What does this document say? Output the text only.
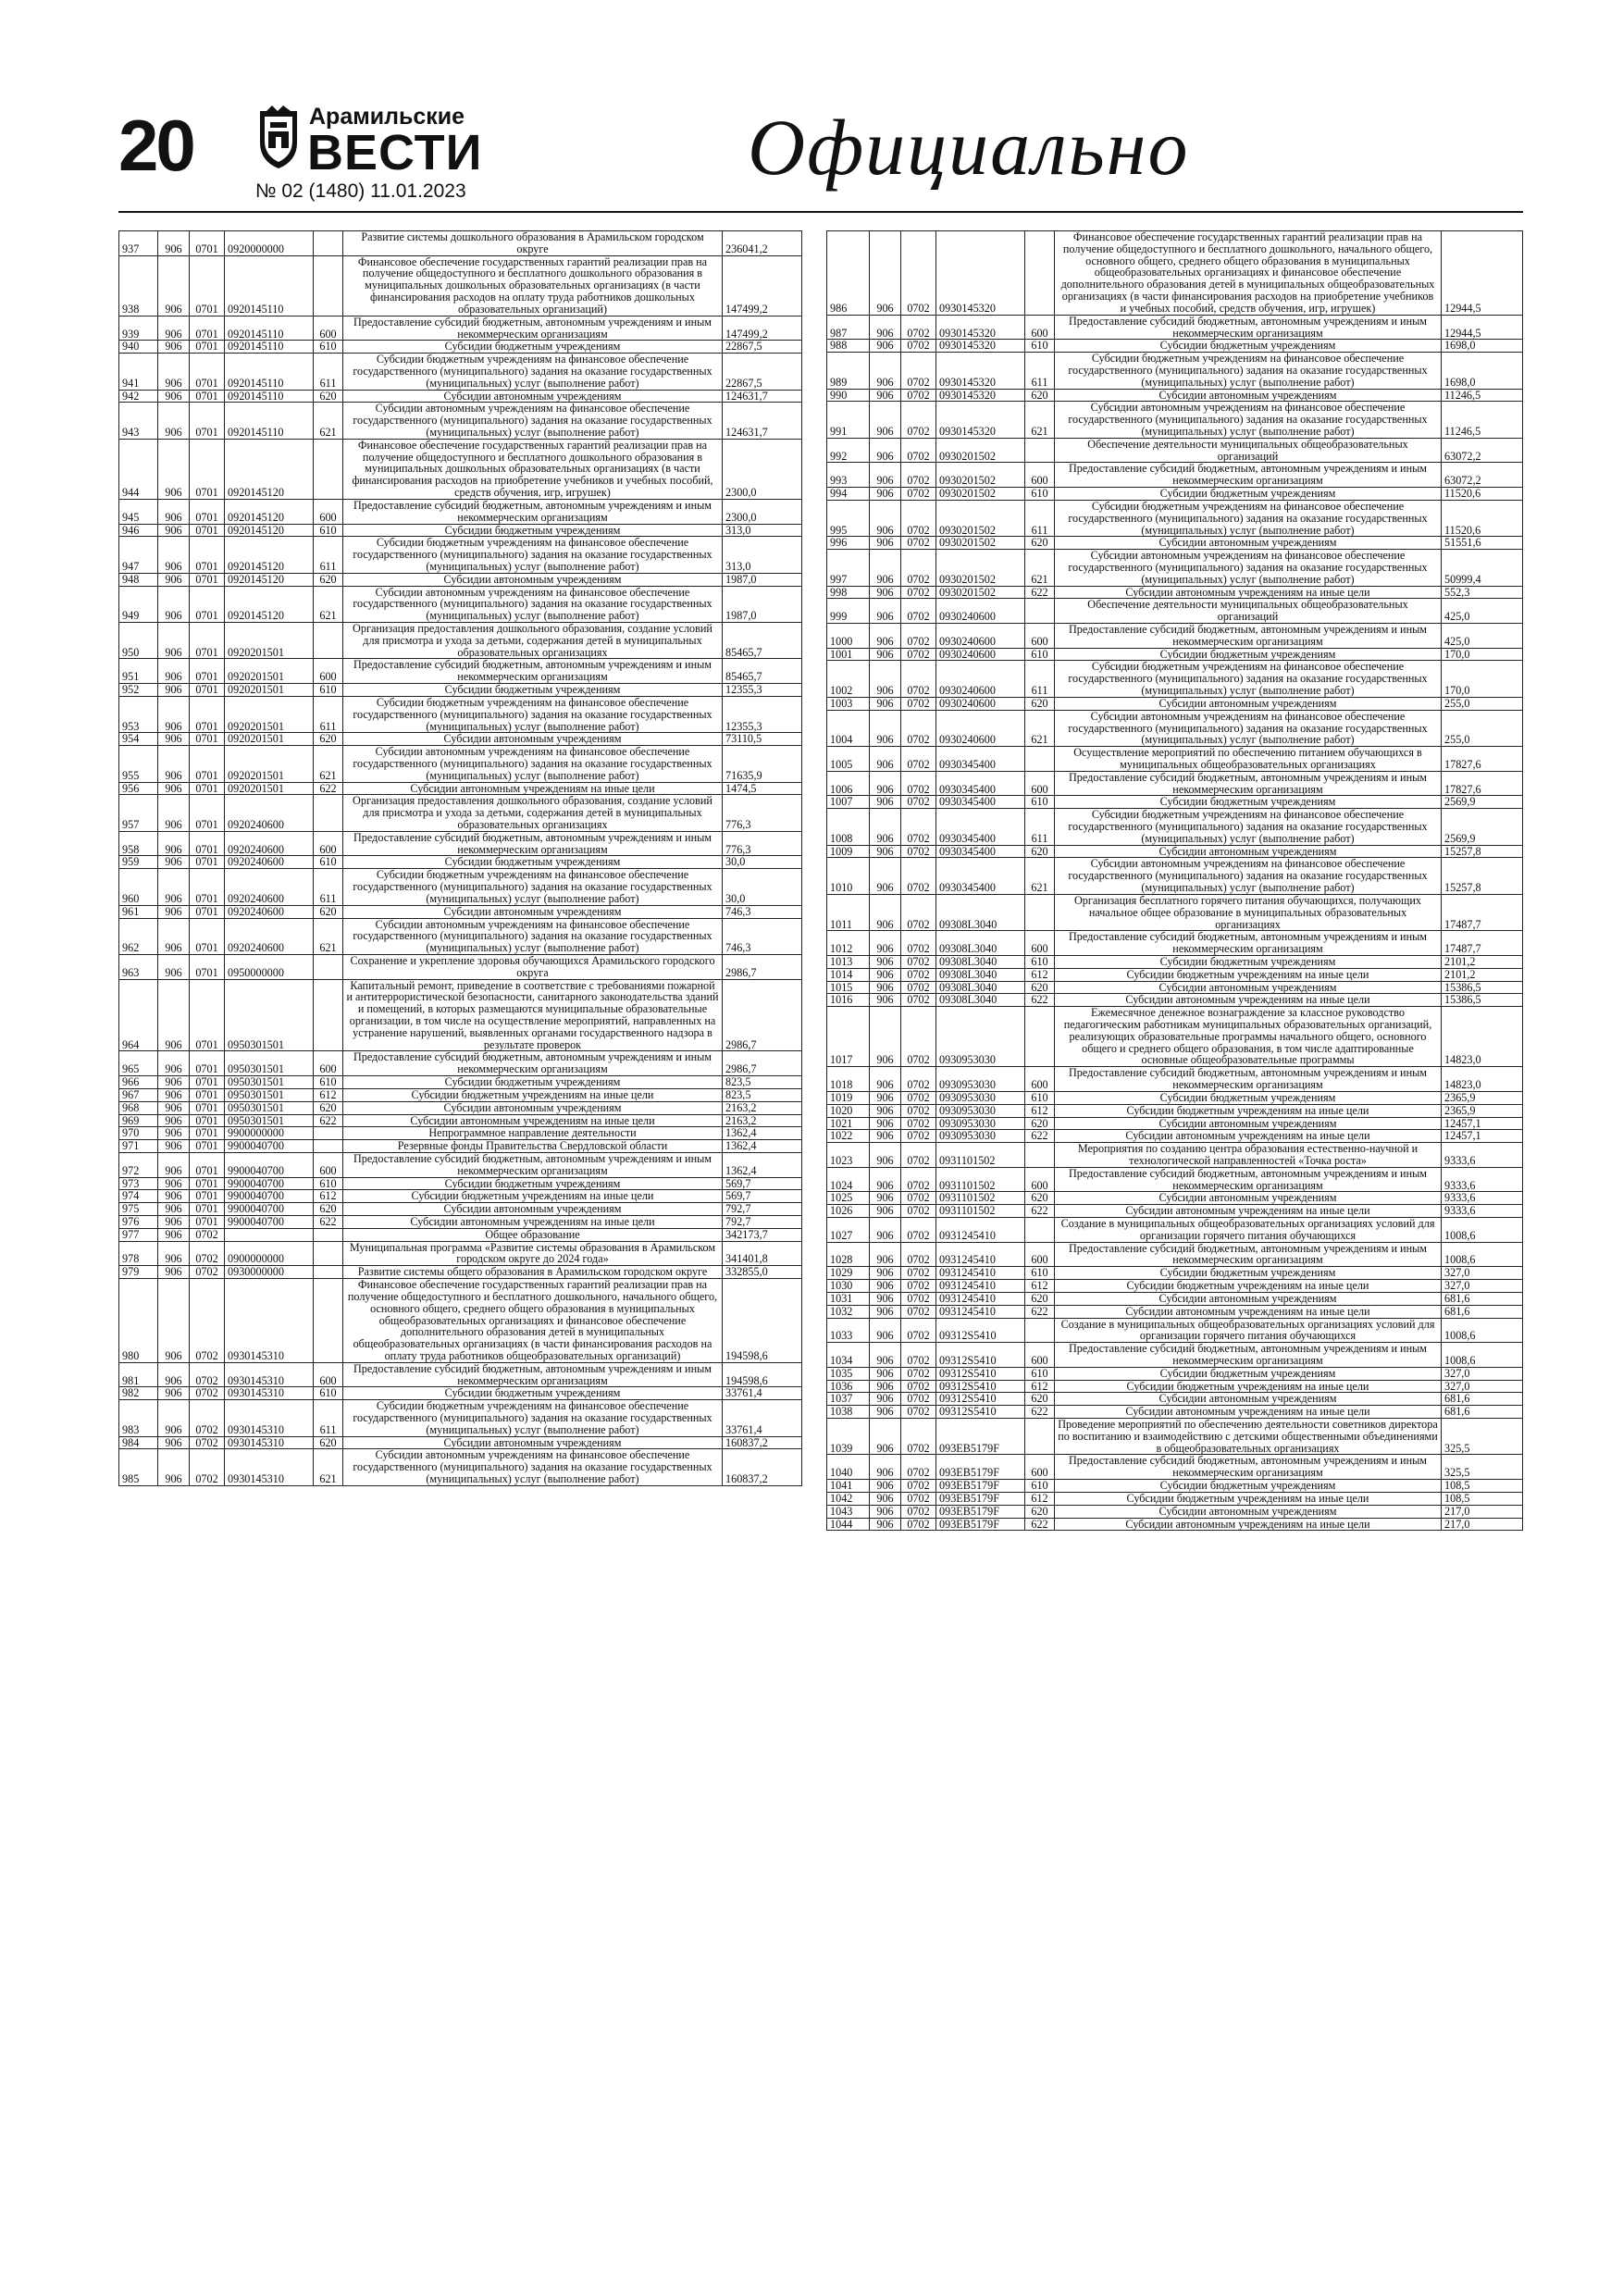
20	Арамильские
ВЕСТИ
№ 02 (1480) 11.01.2023	Официально
937	906	0701	0920000000		Развитие системы дошкольного образования в Арамильском городском округе	236041,2
938	906	0701	0920145110		Финансовое обеспечение государственных гарантий реализации прав на получение общедоступного и бесплатного дошкольного образования в муниципальных дошкольных образовательных организациях (в части финансирования расходов на оплату труда работников дошкольных образовательных организаций)	147499,2
939	906	0701	0920145110	600	Предоставление субсидий бюджетным, автономным учреждениям и иным некоммерческим организациям	147499,2
940	906	0701	0920145110	610	Субсидии бюджетным учреждениям	22867,5
941	906	0701	0920145110	611	Субсидии бюджетным учреждениям на финансовое обеспечение государственного (муниципального) задания на оказание государственных (муниципальных) услуг (выполнение работ)	22867,5
942	906	0701	0920145110	620	Субсидии автономным учреждениям	124631,7
943	906	0701	0920145110	621	Субсидии автономным учреждениям на финансовое обеспечение государственного (муниципального) задания на оказание государственных (муниципальных) услуг (выполнение работ)	124631,7
944	906	0701	0920145120		Финансовое обеспечение государственных гарантий реализации прав на получение общедоступного и бесплатного дошкольного образования в муниципальных дошкольных образовательных организациях (в части финансирования расходов на приобретение учебников и учебных пособий, средств обучения, игр, игрушек)	2300,0
945	906	0701	0920145120	600	Предоставление субсидий бюджетным, автономным учреждениям и иным некоммерческим организациям	2300,0
946	906	0701	0920145120	610	Субсидии бюджетным учреждениям	313,0
947	906	0701	0920145120	611	Субсидии бюджетным учреждениям на финансовое обеспечение государственного (муниципального) задания на оказание государственных (муниципальных) услуг (выполнение работ)	313,0
948	906	0701	0920145120	620	Субсидии автономным учреждениям	1987,0
949	906	0701	0920145120	621	Субсидии автономным учреждениям на финансовое обеспечение государственного (муниципального) задания на оказание государственных (муниципальных) услуг (выполнение работ)	1987,0
950	906	0701	0920201501		Организация предоставления дошкольного образования, создание условий для присмотра и ухода за детьми, содержания детей в муниципальных образовательных организациях	85465,7
951	906	0701	0920201501	600	Предоставление субсидий бюджетным, автономным учреждениям и иным некоммерческим организациям	85465,7
952	906	0701	0920201501	610	Субсидии бюджетным учреждениям	12355,3
953	906	0701	0920201501	611	Субсидии бюджетным учреждениям на финансовое обеспечение государственного (муниципального) задания на оказание государственных (муниципальных) услуг (выполнение работ)	12355,3
954	906	0701	0920201501	620	Субсидии автономным учреждениям	73110,5
955	906	0701	0920201501	621	Субсидии автономным учреждениям на финансовое обеспечение государственного (муниципального) задания на оказание государственных (муниципальных) услуг (выполнение работ)	71635,9
956	906	0701	0920201501	622	Субсидии автономным учреждениям на иные цели	1474,5
957	906	0701	0920240600		Организация предоставления дошкольного образования, создание условий для присмотра и ухода за детьми, содержания детей в муниципальных образовательных организациях	776,3
958	906	0701	0920240600	600	Предоставление субсидий бюджетным, автономным учреждениям и иным некоммерческим организациям	776,3
959	906	0701	0920240600	610	Субсидии бюджетным учреждениям	30,0
960	906	0701	0920240600	611	Субсидии бюджетным учреждениям на финансовое обеспечение государственного (муниципального) задания на оказание государственных (муниципальных) услуг (выполнение работ)	30,0
961	906	0701	0920240600	620	Субсидии автономным учреждениям	746,3
962	906	0701	0920240600	621	Субсидии автономным учреждениям на финансовое обеспечение государственного (муниципального) задания на оказание государственных (муниципальных) услуг (выполнение работ)	746,3
963	906	0701	0950000000		Сохранение и укрепление здоровья обучающихся Арамильского городского округа	2986,7
964	906	0701	0950301501		Капитальный ремонт, приведение в соответствие с требованиями пожарной и антитеррористической безопасности, санитарного законодательства зданий и помещений, в которых размещаются муниципальные образовательные организации, в том числе на осуществление мероприятий, направленных на устранение нарушений, выявленных органами государственного надзора в результате проверок	2986,7
965	906	0701	0950301501	600	Предоставление субсидий бюджетным, автономным учреждениям и иным некоммерческим организациям	2986,7
966	906	0701	0950301501	610	Субсидии бюджетным учреждениям	823,5
967	906	0701	0950301501	612	Субсидии бюджетным учреждениям на иные цели	823,5
968	906	0701	0950301501	620	Субсидии автономным учреждениям	2163,2
969	906	0701	0950301501	622	Субсидии автономным учреждениям на иные цели	2163,2
970	906	0701	9900000000		Непрограммное направление деятельности	1362,4
971	906	0701	9900040700		Резервные фонды Правительства Свердловской области	1362,4
972	906	0701	9900040700	600	Предоставление субсидий бюджетным, автономным учреждениям и иным некоммерческим организациям	1362,4
973	906	0701	9900040700	610	Субсидии бюджетным учреждениям	569,7
974	906	0701	9900040700	612	Субсидии бюджетным учреждениям на иные цели	569,7
975	906	0701	9900040700	620	Субсидии автономным учреждениям	792,7
976	906	0701	9900040700	622	Субсидии автономным учреждениям на иные цели	792,7
977	906	0702			Общее образование	342173,7
978	906	0702	0900000000		Муниципальная программа «Развитие системы образования в Арамильском городском округе до 2024 года»	341401,8
979	906	0702	0930000000		Развитие системы общего образования в Арамильском городском округе	332855,0
980	906	0702	0930145310		Финансовое обеспечение государственных гарантий реализации прав на получение общедоступного и бесплатного дошкольного, начального общего, основного общего, среднего общего образования в муниципальных общеобразовательных организациях и финансовое обеспечение дополнительного образования детей в муниципальных общеобразовательных организациях (в части финансирования расходов на оплату труда работников общеобразовательных организаций)	194598,6
981	906	0702	0930145310	600	Предоставление субсидий бюджетным, автономным учреждениям и иным некоммерческим организациям	194598,6
982	906	0702	0930145310	610	Субсидии бюджетным учреждениям	33761,4
983	906	0702	0930145310	611	Субсидии бюджетным учреждениям на финансовое обеспечение государственного (муниципального) задания на оказание государственных (муниципальных) услуг (выполнение работ)	33761,4
984	906	0702	0930145310	620	Субсидии автономным учреждениям	160837,2
985	906	0702	0930145310	621	Субсидии автономным учреждениям на финансовое обеспечение государственного (муниципального) задания на оказание государственных (муниципальных) услуг (выполнение работ)	160837,2
986	906	0702	0930145320		Финансовое обеспечение государственных гарантий реализации прав на получение общедоступного и бесплатного дошкольного, начального общего, основного общего, среднего общего образования в муниципальных общеобразовательных организациях и финансовое обеспечение дополнительного образования детей в муниципальных общеобразовательных организациях (в части финансирования расходов на приобретение учебников и учебных пособий, средств обучения, игр, игрушек)	12944,5
987	906	0702	0930145320	600	Предоставление субсидий бюджетным, автономным учреждениям и иным некоммерческим организациям	12944,5
988	906	0702	0930145320	610	Субсидии бюджетным учреждениям	1698,0
989	906	0702	0930145320	611	Субсидии бюджетным учреждениям на финансовое обеспечение государственного (муниципального) задания на оказание государственных (муниципальных) услуг (выполнение работ)	1698,0
990	906	0702	0930145320	620	Субсидии автономным учреждениям	11246,5
991	906	0702	0930145320	621	Субсидии автономным учреждениям на финансовое обеспечение государственного (муниципального) задания на оказание государственных (муниципальных) услуг (выполнение работ)	11246,5
992	906	0702	0930201502		Обеспечение деятельности муниципальных общеобразовательных организаций	63072,2
993	906	0702	0930201502	600	Предоставление субсидий бюджетным, автономным учреждениям и иным некоммерческим организациям	63072,2
994	906	0702	0930201502	610	Субсидии бюджетным учреждениям	11520,6
995	906	0702	0930201502	611	Субсидии бюджетным учреждениям на финансовое обеспечение государственного (муниципального) задания на оказание государственных (муниципальных) услуг (выполнение работ)	11520,6
996	906	0702	0930201502	620	Субсидии автономным учреждениям	51551,6
997	906	0702	0930201502	621	Субсидии автономным учреждениям на финансовое обеспечение государственного (муниципального) задания на оказание государственных (муниципальных) услуг (выполнение работ)	50999,4
998	906	0702	0930201502	622	Субсидии автономным учреждениям на иные цели	552,3
999	906	0702	0930240600		Обеспечение деятельности муниципальных общеобразовательных организаций	425,0
1000	906	0702	0930240600	600	Предоставление субсидий бюджетным, автономным учреждениям и иным некоммерческим организациям	425,0
1001	906	0702	0930240600	610	Субсидии бюджетным учреждениям	170,0
1002	906	0702	0930240600	611	Субсидии бюджетным учреждениям на финансовое обеспечение государственного (муниципального) задания на оказание государственных (муниципальных) услуг (выполнение работ)	170,0
1003	906	0702	0930240600	620	Субсидии автономным учреждениям	255,0
1004	906	0702	0930240600	621	Субсидии автономным учреждениям на финансовое обеспечение государственного (муниципального) задания на оказание государственных (муниципальных) услуг (выполнение работ)	255,0
1005	906	0702	0930345400		Осуществление мероприятий по обеспечению питанием обучающихся в муниципальных общеобразовательных организациях	17827,6
1006	906	0702	0930345400	600	Предоставление субсидий бюджетным, автономным учреждениям и иным некоммерческим организациям	17827,6
1007	906	0702	0930345400	610	Субсидии бюджетным учреждениям	2569,9
1008	906	0702	0930345400	611	Субсидии бюджетным учреждениям на финансовое обеспечение государственного (муниципального) задания на оказание государственных (муниципальных) услуг (выполнение работ)	2569,9
1009	906	0702	0930345400	620	Субсидии автономным учреждениям	15257,8
1010	906	0702	0930345400	621	Субсидии автономным учреждениям на финансовое обеспечение государственного (муниципального) задания на оказание государственных (муниципальных) услуг (выполнение работ)	15257,8
1011	906	0702	09308L3040		Организация бесплатного горячего питания обучающихся, получающих начальное общее образование в муниципальных образовательных организациях	17487,7
1012	906	0702	09308L3040	600	Предоставление субсидий бюджетным, автономным учреждениям и иным некоммерческим организациям	17487,7
1013	906	0702	09308L3040	610	Субсидии бюджетным учреждениям	2101,2
1014	906	0702	09308L3040	612	Субсидии бюджетным учреждениям на иные цели	2101,2
1015	906	0702	09308L3040	620	Субсидии автономным учреждениям	15386,5
1016	906	0702	09308L3040	622	Субсидии автономным учреждениям на иные цели	15386,5
1017	906	0702	0930953030		Ежемесячное денежное вознаграждение за классное руководство педагогическим работникам муниципальных образовательных организаций, реализующих образовательные программы начального общего, основного общего и среднего общего образования, в том числе адаптированные основные общеобразовательные программы	14823,0
1018	906	0702	0930953030	600	Предоставление субсидий бюджетным, автономным учреждениям и иным некоммерческим организациям	14823,0
1019	906	0702	0930953030	610	Субсидии бюджетным учреждениям	2365,9
1020	906	0702	0930953030	612	Субсидии бюджетным учреждениям на иные цели	2365,9
1021	906	0702	0930953030	620	Субсидии автономным учреждениям	12457,1
1022	906	0702	0930953030	622	Субсидии автономным учреждениям на иные цели	12457,1
1023	906	0702	0931101502		Мероприятия по созданию центра образования естественно-научной и технологической направленностей «Точка роста»	9333,6
1024	906	0702	0931101502	600	Предоставление субсидий бюджетным, автономным учреждениям и иным некоммерческим организациям	9333,6
1025	906	0702	0931101502	620	Субсидии автономным учреждениям	9333,6
1026	906	0702	0931101502	622	Субсидии автономным учреждениям на иные цели	9333,6
1027	906	0702	0931245410		Создание в муниципальных общеобразовательных организациях условий для организации горячего питания обучающихся	1008,6
1028	906	0702	0931245410	600	Предоставление субсидий бюджетным, автономным учреждениям и иным некоммерческим организациям	1008,6
1029	906	0702	0931245410	610	Субсидии бюджетным учреждениям	327,0
1030	906	0702	0931245410	612	Субсидии бюджетным учреждениям на иные цели	327,0
1031	906	0702	0931245410	620	Субсидии автономным учреждениям	681,6
1032	906	0702	0931245410	622	Субсидии автономным учреждениям на иные цели	681,6
1033	906	0702	09312S5410		Создание в муниципальных общеобразовательных организациях условий для организации горячего питания обучающихся	1008,6
1034	906	0702	09312S5410	600	Предоставление субсидий бюджетным, автономным учреждениям и иным некоммерческим организациям	1008,6
1035	906	0702	09312S5410	610	Субсидии бюджетным учреждениям	327,0
1036	906	0702	09312S5410	612	Субсидии бюджетным учреждениям на иные цели	327,0
1037	906	0702	09312S5410	620	Субсидии автономным учреждениям	681,6
1038	906	0702	09312S5410	622	Субсидии автономным учреждениям на иные цели	681,6
1039	906	0702	093EB5179F		Проведение мероприятий по обеспечению деятельности советников директора по воспитанию и взаимодействию с детскими общественными объединениями в общеобразовательных организациях	325,5
1040	906	0702	093EB5179F	600	Предоставление субсидий бюджетным, автономным учреждениям и иным некоммерческим организациям	325,5
1041	906	0702	093EB5179F	610	Субсидии бюджетным учреждениям	108,5
1042	906	0702	093EB5179F	612	Субсидии бюджетным учреждениям на иные цели	108,5
1043	906	0702	093EB5179F	620	Субсидии автономным учреждениям	217,0
1044	906	0702	093EB5179F	622	Субсидии автономным учреждениям на иные цели	217,0
